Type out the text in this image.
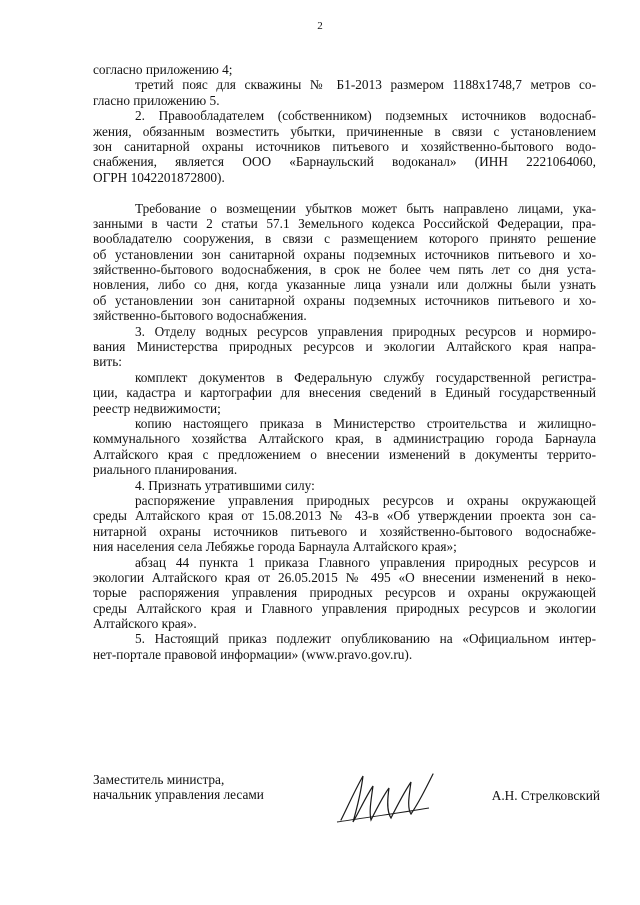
2
согласно приложению 4;
третий пояс для скважины № Б1-2013 размером 1188х1748,7 метров со-
гласно приложению 5.
2. Правообладателем (собственником) подземных источников водоснаб-
жения, обязанным возместить убытки, причиненные в связи с установлением
зон санитарной охраны источников питьевого и хозяйственно-бытового водо-
снабжения, является ООО «Барнаульский водоканал» (ИНН 2221064060,
ОГРН 1042201872800).
Требование о возмещении убытков может быть направлено лицами, ука-
занными в части 2 статьи 57.1 Земельного кодекса Российской Федерации, пра-
вообладателю сооружения, в связи с размещением которого принято решение
об установлении зон санитарной охраны подземных источников питьевого и хо-
зяйственно-бытового водоснабжения, в срок не более чем пять лет со дня уста-
новления, либо со дня, когда указанные лица узнали или должны были узнать
об установлении зон санитарной охраны подземных источников питьевого и хо-
зяйственно-бытового водоснабжения.
3. Отделу водных ресурсов управления природных ресурсов и нормиро-
вания Министерства природных ресурсов и экологии Алтайского края напра-
вить:
комплект документов в Федеральную службу государственной регистра-
ции, кадастра и картографии для внесения сведений в Единый государственный
реестр недвижимости;
копию настоящего приказа в Министерство строительства и жилищно-
коммунального хозяйства Алтайского края, в администрацию города Барнаула
Алтайского края с предложением о внесении изменений в документы террито-
риального планирования.
4. Признать утратившими силу:
распоряжение управления природных ресурсов и охраны окружающей
среды Алтайского края от 15.08.2013 № 43-в «Об утверждении проекта зон са-
нитарной охраны источников питьевого и хозяйственно-бытового водоснабже-
ния населения села Лебяжье города Барнаула Алтайского края»;
абзац 44 пункта 1 приказа Главного управления природных ресурсов и
экологии Алтайского края от 26.05.2015 № 495 «О внесении изменений в неко-
торые распоряжения управления природных ресурсов и охраны окружающей
среды Алтайского края и Главного управления природных ресурсов и экологии
Алтайского края».
5. Настоящий приказ подлежит опубликованию на «Официальном интер-
нет-портале правовой информации» (www.pravo.gov.ru).
Заместитель министра,
начальник управления лесами	А.Н. Стрелковский
